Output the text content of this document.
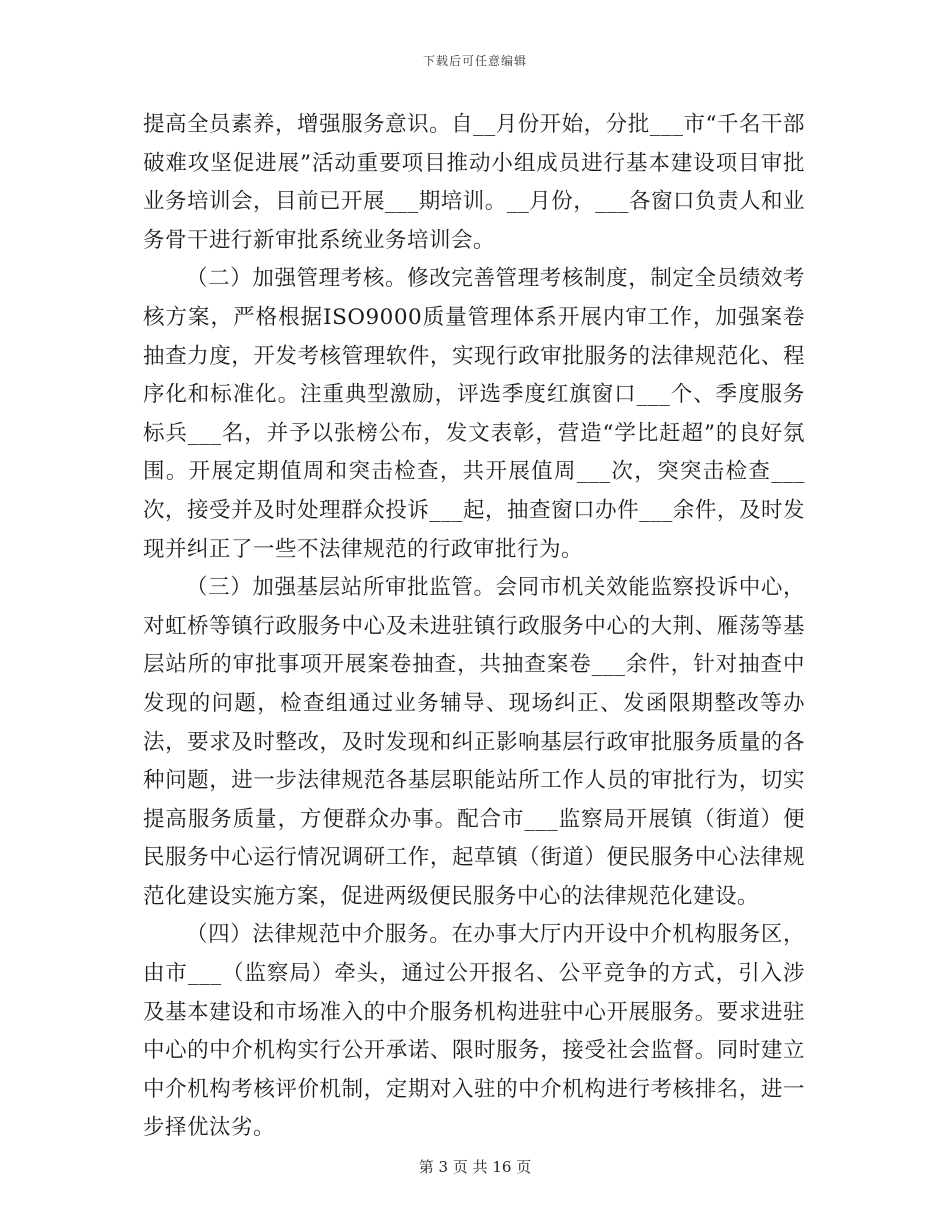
下载后可任意编辑

提高全员素养，增强服务意识。自__月份开始，分批___市“千名干部破难攻坚促进展”活动重要项目推动小组成员进行基本建设项目审批业务培训会，目前已开展___期培训。__月份，___各窗口负责人和业务骨干进行新审批系统业务培训会。

（二）加强管理考核。修改完善管理考核制度，制定全员绩效考核方案，严格根据ISO9000质量管理体系开展内审工作，加强案卷抽查力度，开发考核管理软件，实现行政审批服务的法律规范化、程序化和标准化。注重典型激励，评选季度红旗窗口___个、季度服务标兵___名，并予以张榜公布，发文表彰，营造“学比赶超”的良好氛围。开展定期值周和突击检查，共开展值周___次，突突击检查___次，接受并及时处理群众投诉___起，抽查窗口办件___余件，及时发现并纠正了一些不法律规范的行政审批行为。

（三）加强基层站所审批监管。会同市机关效能监察投诉中心，对虹桥等镇行政服务中心及未进驻镇行政服务中心的大荆、雁荡等基层站所的审批事项开展案卷抽查，共抽查案卷___余件，针对抽查中发现的问题，检查组通过业务辅导、现场纠正、发函限期整改等办法，要求及时整改，及时发现和纠正影响基层行政审批服务质量的各种问题，进一步法律规范各基层职能站所工作人员的审批行为，切实提高服务质量，方便群众办事。配合市___监察局开展镇（街道）便民服务中心运行情况调研工作，起草镇（街道）便民服务中心法律规范化建设实施方案，促进两级便民服务中心的法律规范化建设。

（四）法律规范中介服务。在办事大厅内开设中介机构服务区，由市___（监察局）牵头，通过公开报名、公平竞争的方式，引入涉及基本建设和市场准入的中介服务机构进驻中心开展服务。要求进驻中心的中介机构实行公开承诺、限时服务，接受社会监督。同时建立中介机构考核评价机制，定期对入驻的中介机构进行考核排名，进一步择优汰劣。

第 3 页 共 16 页
